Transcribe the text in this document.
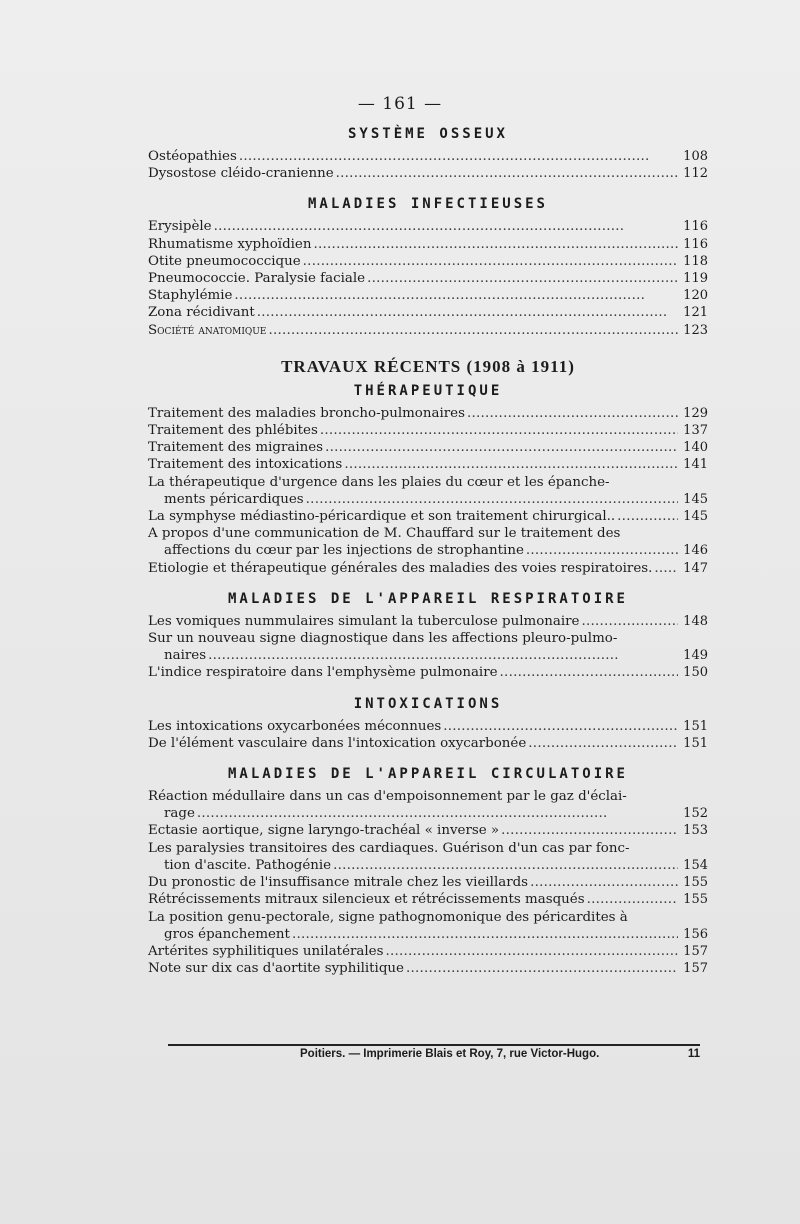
— 161 —
SYSTÈME OSSEUX
Ostéopathies . . .	108
Dysostose cléido-cranienne . . .	112
MALADIES INFECTIEUSES
Erysipèle . . .	116
Rhumatisme xyphoïdien . . .	116
Otite pneumococcique . . .	118
Pneumococcie. Paralysie faciale . . .	119
Staphylémie . . .	120
Zona récidivant . . .	121
Société anatomique . . .	123
TRAVAUX RÉCENTS (1908 à 1911)
THÉRAPEUTIQUE
Traitement des maladies broncho-pulmonaires . . .	129
Traitement des phlébites . . .	137
Traitement des migraines . . .	140
Traitement des intoxications . . .	141
La thérapeutique d'urgence dans les plaies du cœur et les épanche-
ments péricardiques . . .	145
La symphyse médiastino-péricardique et son traitement chirurgical.. . . .	145
A propos d'une communication de M. Chauffard sur le traitement des
affections du cœur par les injections de strophantine . . .	146
Etiologie et thérapeutique générales des maladies des voies respiratoires. . . . 147
MALADIES DE L'APPAREIL RESPIRATOIRE
Les vomiques nummulaires simulant la tuberculose pulmonaire . . .	148
Sur un nouveau signe diagnostique dans les affections pleuro-pulmo-
naires . . .	149
L'indice respiratoire dans l'emphysème pulmonaire . . .	150
INTOXICATIONS
Les intoxications oxycarbonées méconnues . . .	151
De l'élément vasculaire dans l'intoxication oxycarbonée . . .	151
MALADIES DE L'APPAREIL CIRCULATOIRE
Réaction médullaire dans un cas d'empoisonnement par le gaz d'éclai-
rage . . .	152
Ectasie aortique, signe laryngo-trachéal « inverse » . . .	153
Les paralysies transitoires des cardiaques. Guérison d'un cas par fonc-
tion d'ascite. Pathogénie . . .	154
Du pronostic de l'insuffisance mitrale chez les vieillards . . .	155
Rétrécissements mitraux silencieux et rétrécissements masqués . . .	155
La position genu-pectorale, signe pathognomonique des péricardites à
gros épanchement . . .	156
Artérites syphilitiques unilatérales . . .	157
Note sur dix cas d'aortite syphilitique . . .	157
Poitiers. — Imprimerie Blais et Roy, 7, rue Victor-Hugo.	11
